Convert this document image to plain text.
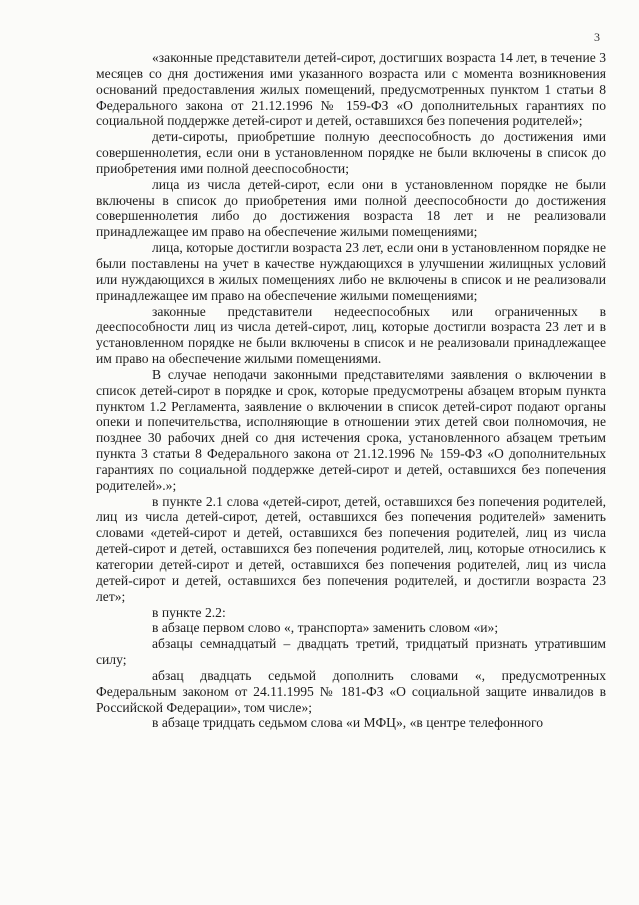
3

«законные представители детей-сирот, достигших возраста 14 лет, в течение 3 месяцев со дня достижения ими указанного возраста или с момента возникновения оснований предоставления жилых помещений, предусмотренных пунктом 1 статьи 8 Федерального закона от 21.12.1996 № 159-ФЗ «О дополнительных гарантиях по социальной поддержке детей-сирот и детей, оставшихся без попечения родителей»;

дети-сироты, приобретшие полную дееспособность до достижения ими совершеннолетия, если они в установленном порядке не были включены в список до приобретения ими полной дееспособности;

лица из числа детей-сирот, если они в установленном порядке не были включены в список до приобретения ими полной дееспособности до достижения совершеннолетия либо до достижения возраста 18 лет и не реализовали принадлежащее им право на обеспечение жилыми помещениями;

лица, которые достигли возраста 23 лет, если они в установленном порядке не были поставлены на учет в качестве нуждающихся в улучшении жилищных условий или нуждающихся в жилых помещениях либо не включены в список и не реализовали принадлежащее им право на обеспечение жилыми помещениями;

законные представители недееспособных или ограниченных в дееспособности лиц из числа детей-сирот, лиц, которые достигли возраста 23 лет и в установленном порядке не были включены в список и не реализовали принадлежащее им право на обеспечение жилыми помещениями.

В случае неподачи законными представителями заявления о включении в список детей-сирот в порядке и срок, которые предусмотрены абзацем вторым пункта пунктом 1.2 Регламента, заявление о включении в список детей-сирот подают органы опеки и попечительства, исполняющие в отношении этих детей свои полномочия, не позднее 30 рабочих дней со дня истечения срока, установленного абзацем третьим пункта 3 статьи 8 Федерального закона от 21.12.1996 № 159-ФЗ «О дополнительных гарантиях по социальной поддержке детей-сирот и детей, оставшихся без попечения родителей».»;

в пункте 2.1 слова «детей-сирот, детей, оставшихся без попечения родителей, лиц из числа детей-сирот, детей, оставшихся без попечения родителей» заменить словами «детей-сирот и детей, оставшихся без попечения родителей, лиц из числа детей-сирот и детей, оставшихся без попечения родителей, лиц, которые относились к категории детей-сирот и детей, оставшихся без попечения родителей, лиц из числа детей-сирот и детей, оставшихся без попечения родителей, и достигли возраста 23 лет»;

в пункте 2.2:

в абзаце первом слово «, транспорта» заменить словом «и»;

абзацы семнадцатый – двадцать третий, тридцатый признать утратившим силу;

абзац двадцать седьмой дополнить словами «, предусмотренных Федеральным законом от 24.11.1995 № 181-ФЗ «О социальной защите инвалидов в Российской Федерации», том числе»;

в абзаце тридцать седьмом слова «и МФЦ», «в центре телефонного
